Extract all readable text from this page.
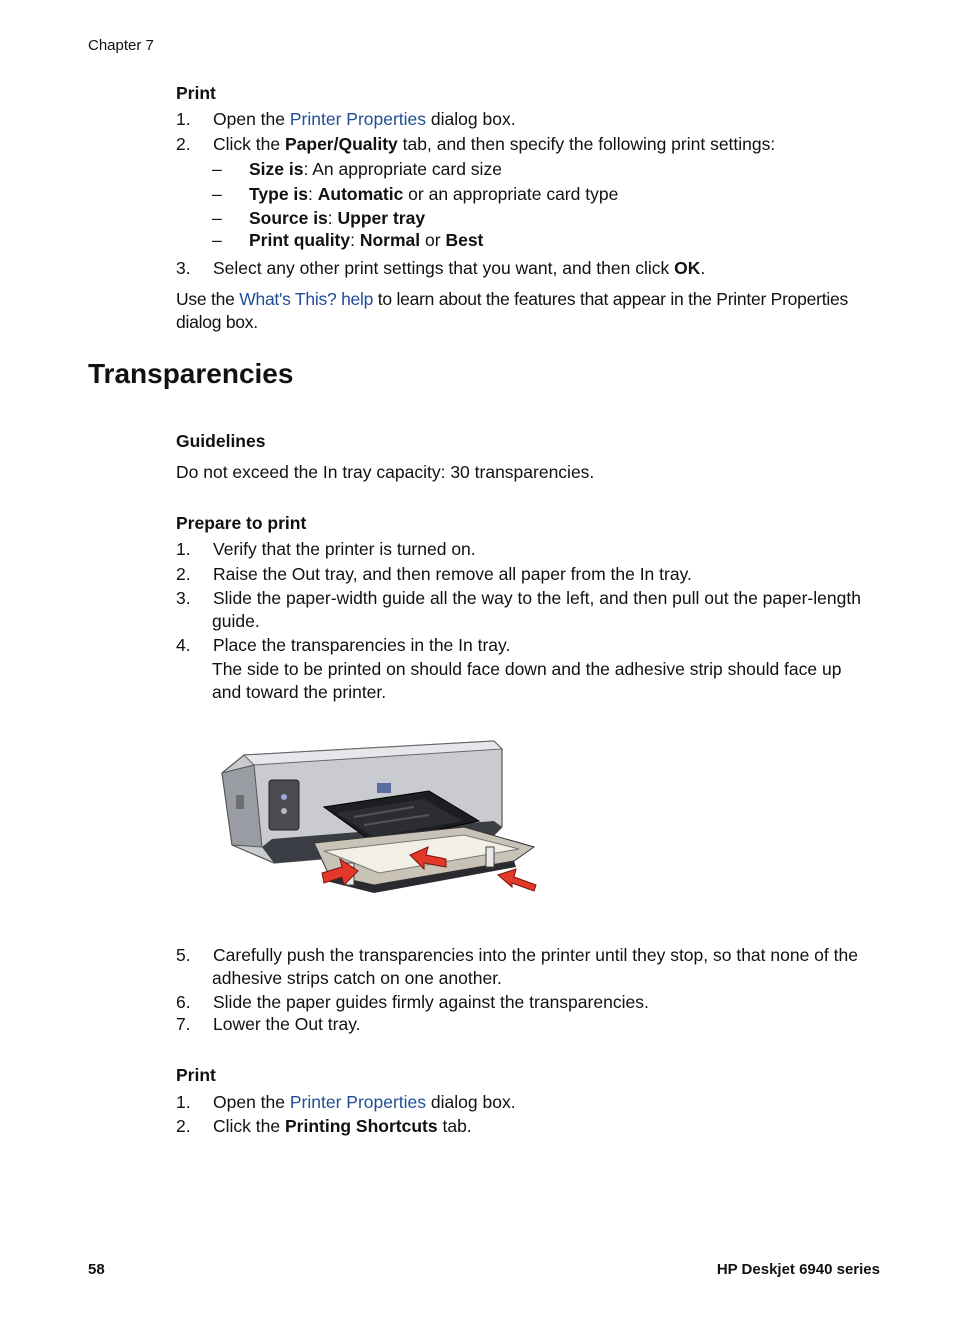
Chapter 7
Print
1. Open the Printer Properties dialog box.
2. Click the Paper/Quality tab, and then specify the following print settings:
– Size is: An appropriate card size
– Type is: Automatic or an appropriate card type
– Source is: Upper tray
– Print quality: Normal or Best
3. Select any other print settings that you want, and then click OK.
Use the What's This? help to learn about the features that appear in the Printer Properties dialog box.
Transparencies
Guidelines
Do not exceed the In tray capacity: 30 transparencies.
Prepare to print
1. Verify that the printer is turned on.
2. Raise the Out tray, and then remove all paper from the In tray.
3. Slide the paper-width guide all the way to the left, and then pull out the paper-length
guide.
4. Place the transparencies in the In tray.
The side to be printed on should face down and the adhesive strip should face up
and toward the printer.
5. Carefully push the transparencies into the printer until they stop, so that none of the
adhesive strips catch on one another.
6. Slide the paper guides firmly against the transparencies.
7. Lower the Out tray.
Print
1. Open the Printer Properties dialog box.
2. Click the Printing Shortcuts tab.
58	HP Deskjet 6940 series
